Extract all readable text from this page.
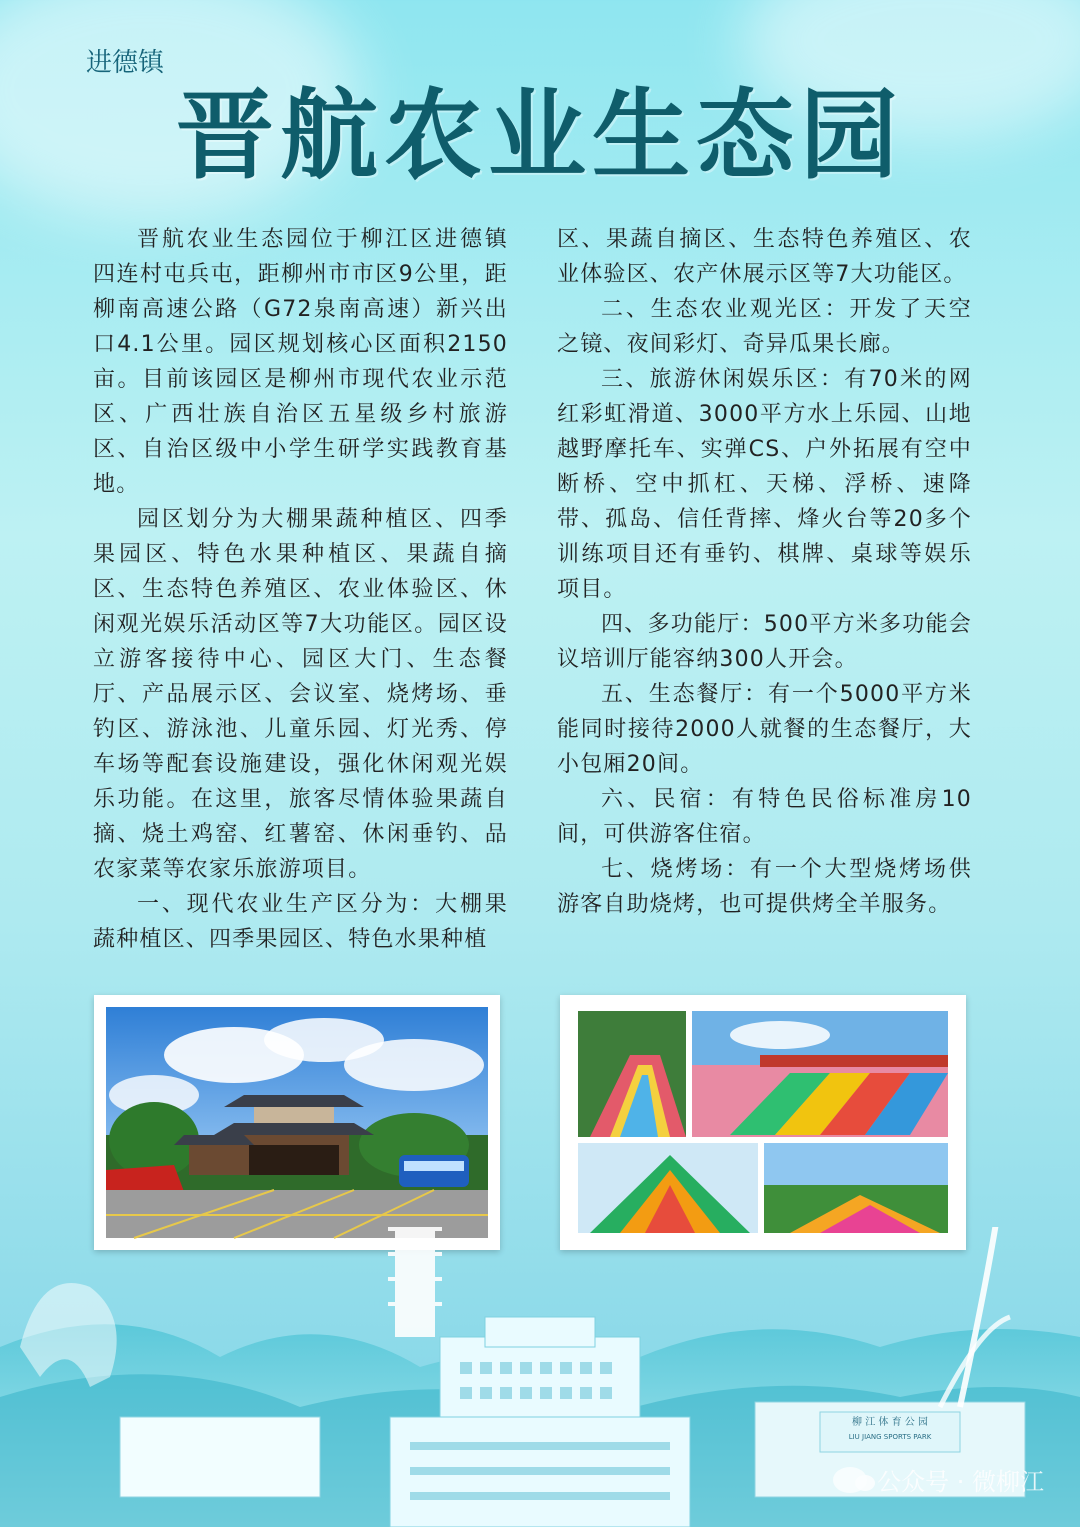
进德镇
晋航农业生态园

晋航农业生态园位于柳江区进德镇四连村屯兵屯，距柳州市市区9公里，距柳南高速公路（G72泉南高速）新兴出口4.1公里。园区规划核心区面积2150亩。目前该园区是柳州市现代农业示范区、广西壮族自治区五星级乡村旅游区、自治区级中小学生研学实践教育基地。

园区划分为大棚果蔬种植区、四季果园区、特色水果种植区、果蔬自摘区、生态特色养殖区、农业体验区、休闲观光娱乐活动区等7大功能区。园区设立游客接待中心、园区大门、生态餐厅、产品展示区、会议室、烧烤场、垂钓区、游泳池、儿童乐园、灯光秀、停车场等配套设施建设，强化休闲观光娱乐功能。在这里，旅客尽情体验果蔬自摘、烧土鸡窑、红薯窑、休闲垂钓、品农家菜等农家乐旅游项目。

一、现代农业生产区分为：大棚果蔬种植区、四季果园区、特色水果种植

区、果蔬自摘区、生态特色养殖区、农业体验区、农产休展示区等7大功能区。

二、生态农业观光区：开发了天空之镜、夜间彩灯、奇异瓜果长廊。

三、旅游休闲娱乐区：有70米的网红彩虹滑道、3000平方水上乐园、山地越野摩托车、实弹CS、户外拓展有空中断桥、空中抓杠、天梯、浮桥、速降带、孤岛、信任背摔、烽火台等20多个训练项目还有垂钓、棋牌、桌球等娱乐项目。

四、多功能厅：500平方米多功能会议培训厅能容纳300人开会。

五、生态餐厅：有一个5000平方米能同时接待2000人就餐的生态餐厅，大小包厢20间。

六、民宿：有特色民俗标准房10间，可供游客住宿。

七、烧烤场：有一个大型烧烤场供游客自助烧烤，也可提供烤全羊服务。

柳 江 体 育 公 园
LIU JIANG SPORTS PARK
公众号 · 微柳江
